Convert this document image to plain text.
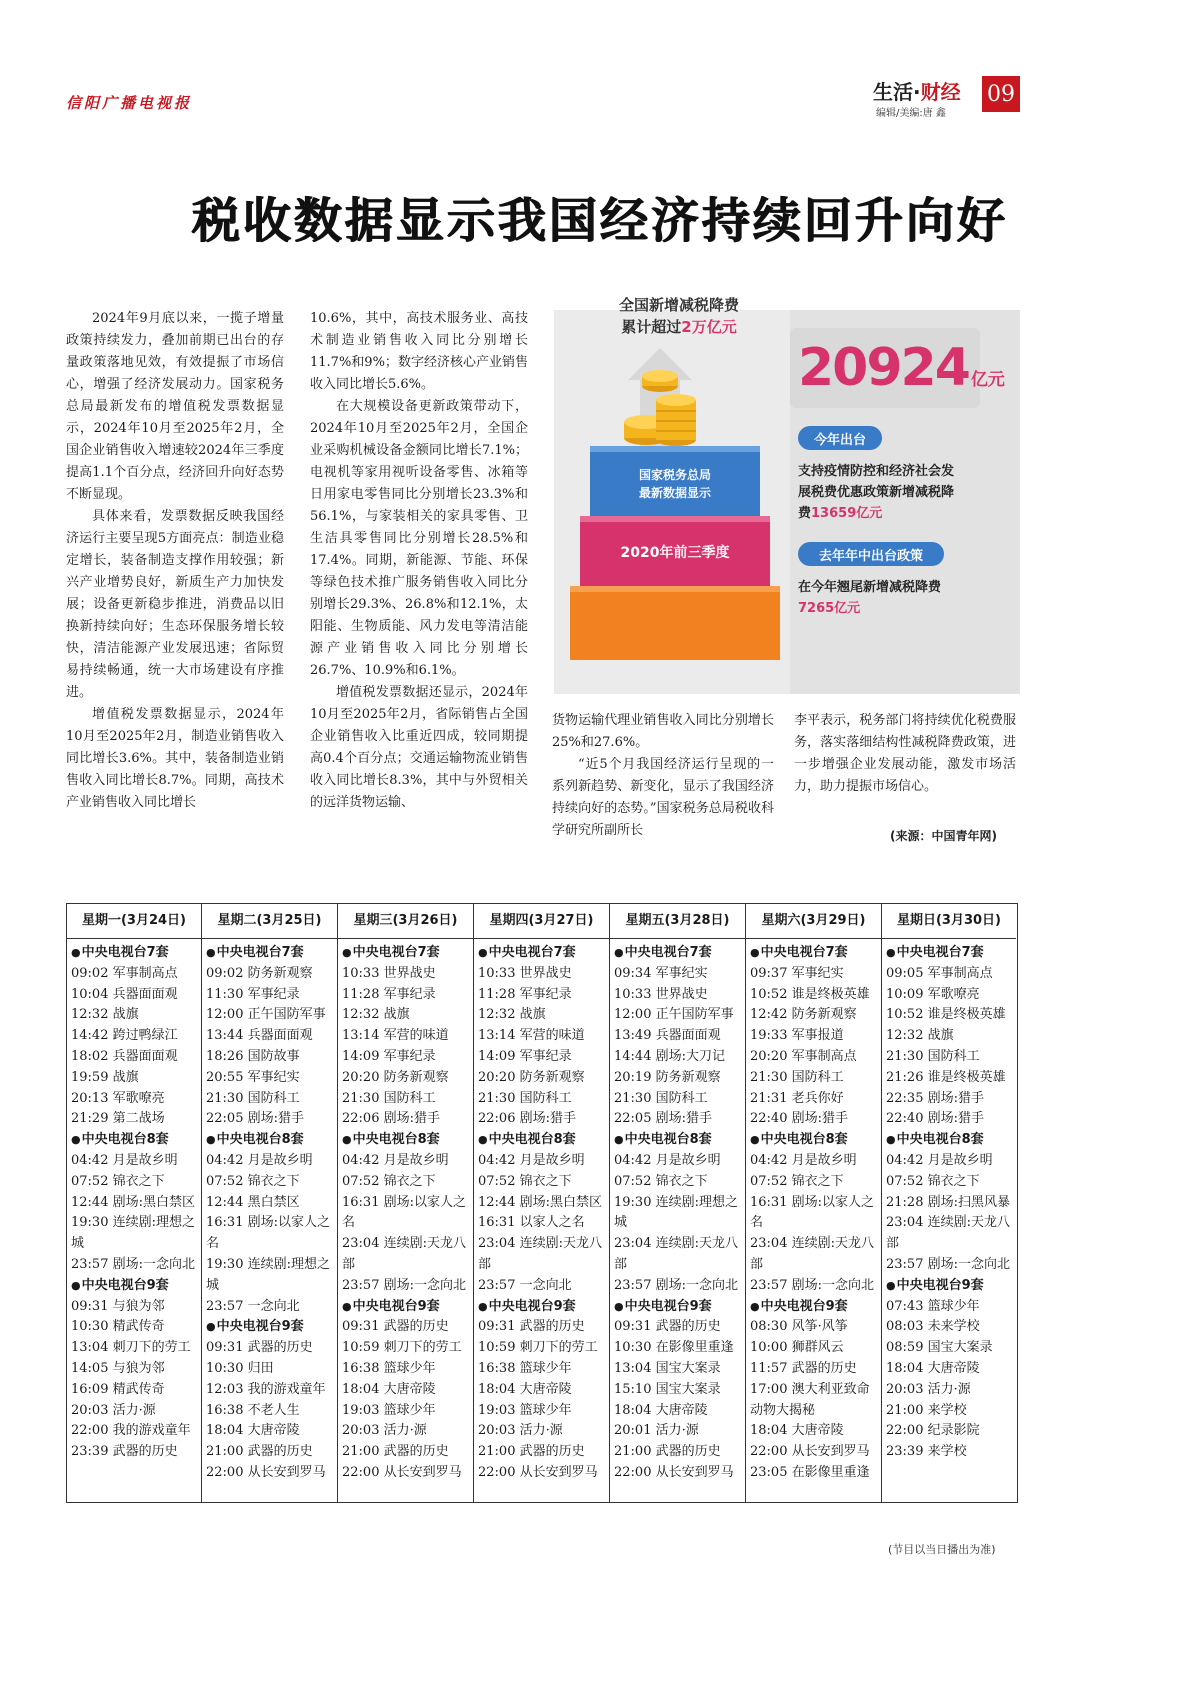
信阳广播电视报	生活·财经
编辑/美编:唐 鑫
09
税收数据显示我国经济持续回升向好

2024年9月底以来，一揽子增量政策持续发力，叠加前期已出台的存量政策落地见效，有效提振了市场信心，增强了经济发展动力。国家税务总局最新发布的增值税发票数据显示，2024年10月至2025年2月，全国企业销售收入增速较2024年三季度提高1.1个百分点，经济回升向好态势不断显现。

具体来看，发票数据反映我国经济运行主要呈现5方面亮点：制造业稳定增长，装备制造支撑作用较强；新兴产业增势良好，新质生产力加快发展；设备更新稳步推进，消费品以旧换新持续向好；生态环保服务增长较快，清洁能源产业发展迅速；省际贸易持续畅通，统一大市场建设有序推进。

增值税发票数据显示，2024年10月至2025年2月，制造业销售收入同比增长3.6%。其中，装备制造业销售收入同比增长8.7%。同期，高技术产业销售收入同比增长

10.6%，其中，高技术服务业、高技术制造业销售收入同比分别增长11.7%和9%；数字经济核心产业销售收入同比增长5.6%。

在大规模设备更新政策带动下，2024年10月至2025年2月，全国企业采购机械设备金额同比增长7.1%；电视机等家用视听设备零售、冰箱等日用家电零售同比分别增长23.3%和56.1%，与家装相关的家具零售、卫生洁具零售同比分别增长28.5%和17.4%。同期，新能源、节能、环保等绿色技术推广服务销售收入同比分别增长29.3%、26.8%和12.1%，太阳能、生物质能、风力发电等清洁能源产业销售收入同比分别增长26.7%、10.9%和6.1%。

增值税发票数据还显示，2024年10月至2025年2月，省际销售占全国企业销售收入比重近四成，较同期提高0.4个百分点；交通运输物流业销售收入同比增长8.3%，其中与外贸相关的远洋货物运输、

货物运输代理业销售收入同比分别增长25%和27.6%。

“近5个月我国经济运行呈现的一系列新趋势、新变化，显示了我国经济持续向好的态势。”国家税务总局税收科学研究所副所长

李平表示，税务部门将持续优化税费服务，落实落细结构性减税降费政策，进一步增强企业发展动能，激发市场活力，助力提振市场信心。

(来源：中国青年网)
全国新增减税降费
累计超过2万亿元
20924 亿元
国家税务总局
最新数据显示
2020年前三季度
今年出台
支持疫情防控和经济社会发
展税费优惠政策新增减税降
费13659亿元
去年年中出台政策
在今年翘尾新增减税降费
7265亿元
星期一(3月24日)
● 中央电视台7套
09:02 军事制高点
10:04 兵器面面观
12:32 战旗
14:42 跨过鸭绿江
18:02 兵器面面观
19:59 战旗
20:13 军歌嘹亮
21:29 第二战场
● 中央电视台8套
04:42 月是故乡明
07:52 锦衣之下
12:44 剧场:黑白禁区
19:30 连续剧:理想之城
23:57 剧场:一念向北
● 中央电视台9套
09:31 与狼为邻
10:30 精武传奇
13:04 刺刀下的劳工
14:05 与狼为邻
16:09 精武传奇
20:03 活力·源
22:00 我的游戏童年
23:39 武器的历史
星期二(3月25日)
● 中央电视台7套
09:02 防务新观察
11:30 军事纪录
12:00 正午国防军事
13:44 兵器面面观
18:26 国防故事
20:55 军事纪实
21:30 国防科工
22:05 剧场:猎手
● 中央电视台8套
04:42 月是故乡明
07:52 锦衣之下
12:44 黑白禁区
16:31 剧场:以家人之名
19:30 连续剧:理想之城
23:57 一念向北
● 中央电视台9套
09:31 武器的历史
10:30 归田
12:03 我的游戏童年
16:38 不老人生
18:04 大唐帝陵
21:00 武器的历史
22:00 从长安到罗马
星期三(3月26日)
● 中央电视台7套
10:33 世界战史
11:28 军事纪录
12:32 战旗
13:14 军营的味道
14:09 军事纪录
20:20 防务新观察
21:30 国防科工
22:06 剧场:猎手
● 中央电视台8套
04:42 月是故乡明
07:52 锦衣之下
16:31 剧场:以家人之名
23:04 连续剧:天龙八部
23:57 剧场:一念向北
● 中央电视台9套
09:31 武器的历史
10:59 刺刀下的劳工
16:38 篮球少年
18:04 大唐帝陵
19:03 篮球少年
20:03 活力·源
21:00 武器的历史
22:00 从长安到罗马
星期四(3月27日)
● 中央电视台7套
10:33 世界战史
11:28 军事纪录
12:32 战旗
13:14 军营的味道
14:09 军事纪录
20:20 防务新观察
21:30 国防科工
22:06 剧场:猎手
● 中央电视台8套
04:42 月是故乡明
07:52 锦衣之下
12:44 剧场:黑白禁区
16:31 以家人之名
23:04 连续剧:天龙八部
23:57 一念向北
● 中央电视台9套
09:31 武器的历史
10:59 刺刀下的劳工
16:38 篮球少年
18:04 大唐帝陵
19:03 篮球少年
20:03 活力·源
21:00 武器的历史
22:00 从长安到罗马
星期五(3月28日)
● 中央电视台7套
09:34 军事纪实
10:33 世界战史
12:00 正午国防军事
13:49 兵器面面观
14:44 剧场:大刀记
20:19 防务新观察
21:30 国防科工
22:05 剧场:猎手
● 中央电视台8套
04:42 月是故乡明
07:52 锦衣之下
19:30 连续剧:理想之城
23:04 连续剧:天龙八部
23:57 剧场:一念向北
● 中央电视台9套
09:31 武器的历史
10:30 在影像里重逢
13:04 国宝大案录
15:10 国宝大案录
18:04 大唐帝陵
20:01 活力·源
21:00 武器的历史
22:00 从长安到罗马
星期六(3月29日)
● 中央电视台7套
09:37 军事纪实
10:52 谁是终极英雄
12:42 防务新观察
19:33 军事报道
20:20 军事制高点
21:30 国防科工
21:31 老兵你好
22:40 剧场:猎手
● 中央电视台8套
04:42 月是故乡明
07:52 锦衣之下
16:31 剧场:以家人之名
23:04 连续剧:天龙八部
23:57 剧场:一念向北
● 中央电视台9套
08:30 风筝·风筝
10:00 狮群风云
11:57 武器的历史
17:00 澳大利亚致命动物大揭秘
18:04 大唐帝陵
22:00 从长安到罗马
23:05 在影像里重逢
星期日(3月30日)
● 中央电视台7套
09:05 军事制高点
10:09 军歌嘹亮
10:52 谁是终极英雄
12:32 战旗
21:30 国防科工
21:26 谁是终极英雄
22:35 剧场:猎手
22:40 剧场:猎手
● 中央电视台8套
04:42 月是故乡明
07:52 锦衣之下
21:28 剧场:扫黑风暴
23:04 连续剧:天龙八部
23:57 剧场:一念向北
● 中央电视台9套
07:43 篮球少年
08:03 未来学校
08:59 国宝大案录
18:04 大唐帝陵
20:03 活力·源
21:00 来学校
22:00 纪录影院
23:39 来学校
(节目以当日播出为准)
